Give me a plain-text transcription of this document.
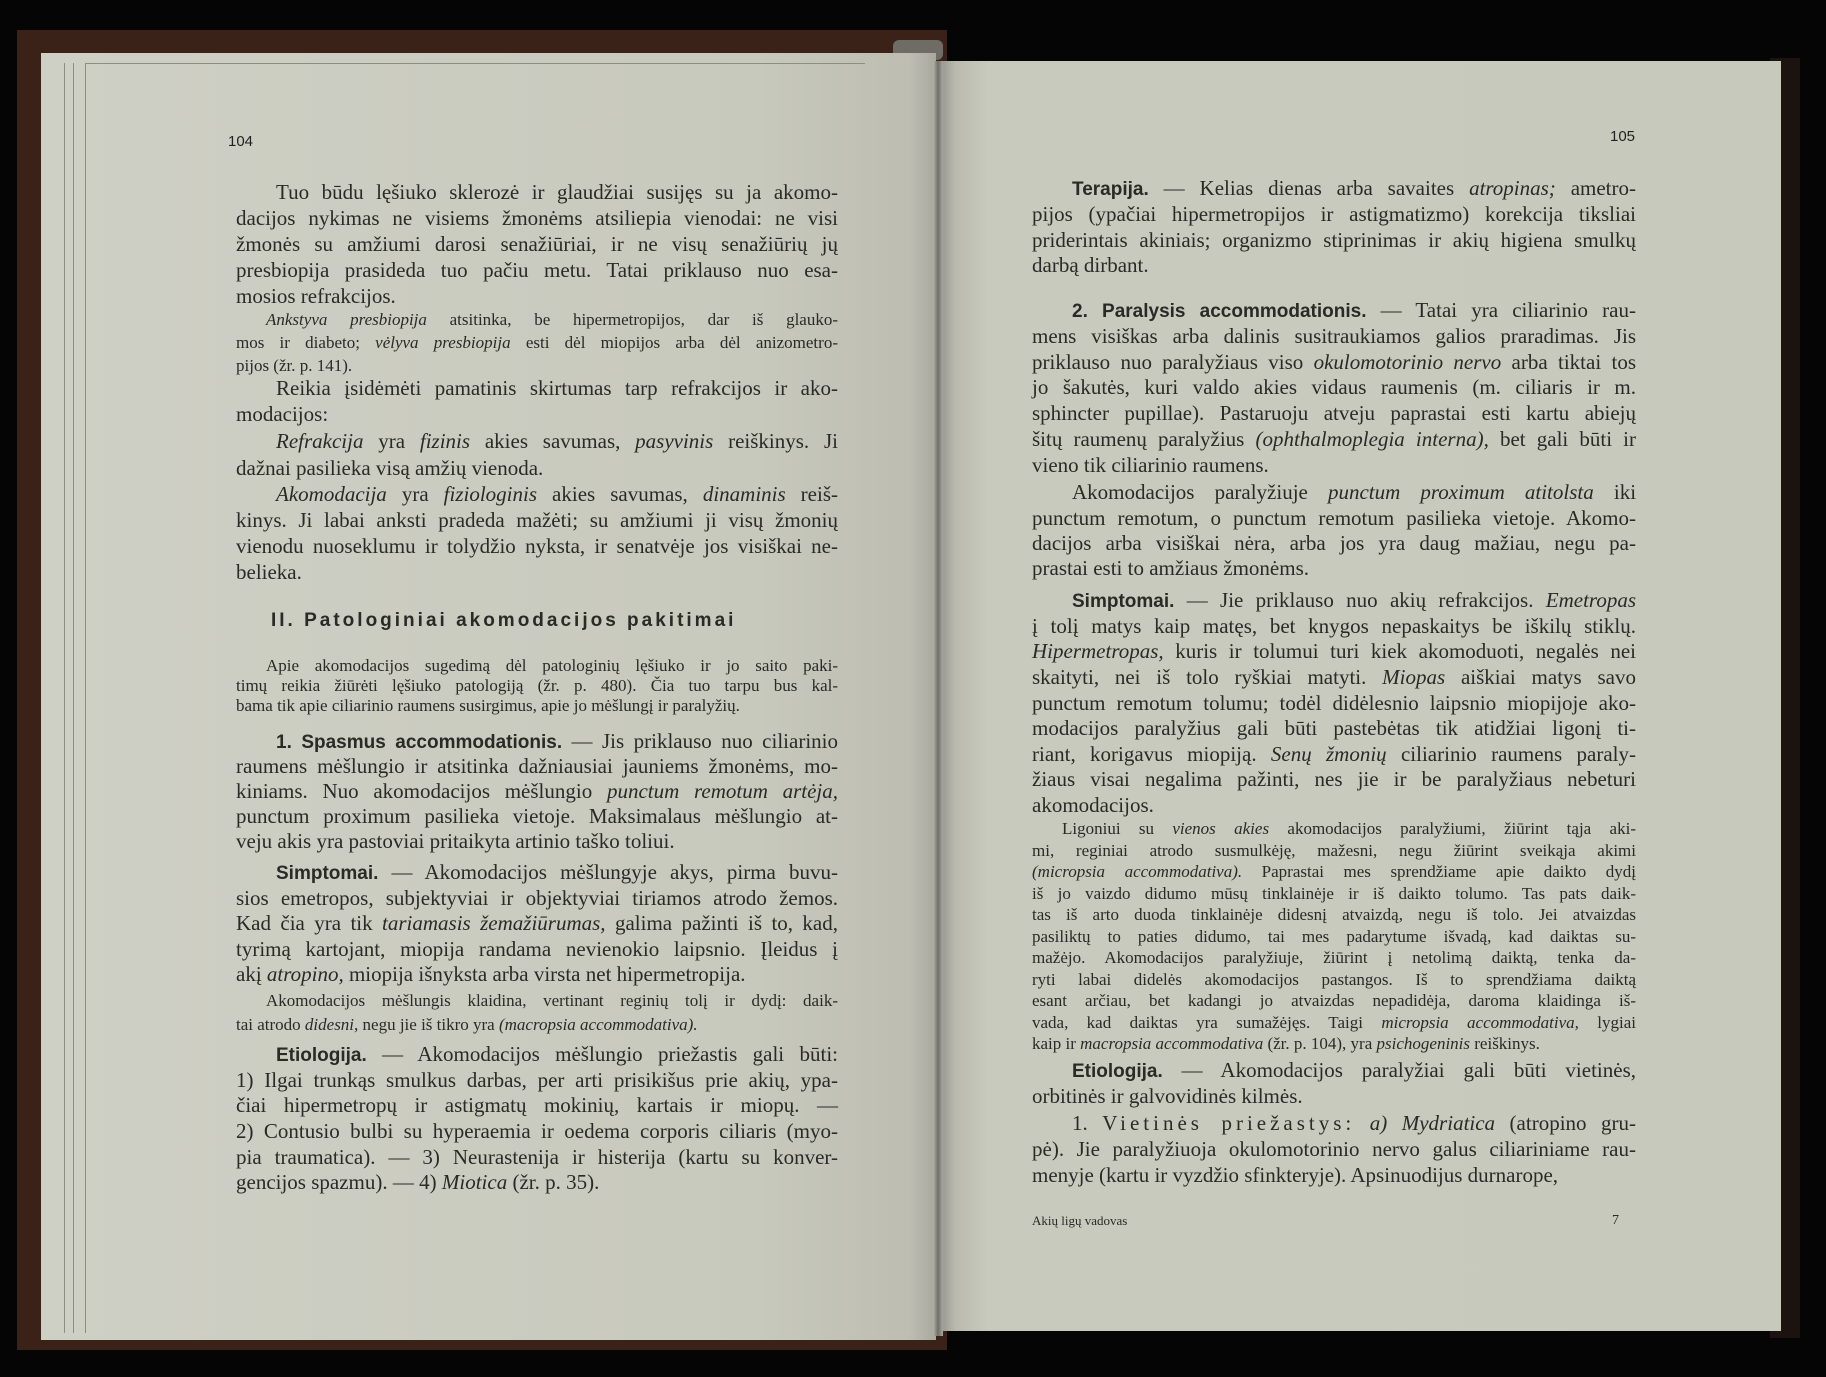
104	105
Tuo būdu lęšiuko sklerozė ir glaudžiai susijęs su ja akomo-
dacijos nykimas ne visiems žmonėms atsiliepia vienodai: ne visi
žmonės su amžiumi darosi senažiūriai, ir ne visų senažiūrių jų
presbiopija prasideda tuo pačiu metu. Tatai priklauso nuo esa-
mosios refrakcijos.
Ankstyva presbiopija atsitinka, be hipermetropijos, dar iš glauko-
mos ir diabeto; vėlyva presbiopija esti dėl miopijos arba dėl anizometro-
pijos (žr. p. 141).
Reikia įsidėmėti pamatinis skirtumas tarp refrakcijos ir ako-
modacijos:
Refrakcija yra fizinis akies savumas, pasyvinis reiškinys. Ji
dažnai pasilieka visą amžių vienoda.
Akomodacija yra fiziologinis akies savumas, dinaminis reiš-
kinys. Ji labai anksti pradeda mažėti; su amžiumi ji visų žmonių
vienodu nuoseklumu ir tolydžio nyksta, ir senatvėje jos visiškai ne-
belieka.
II. Patologiniai akomodacijos pakitimai
Apie akomodacijos sugedimą dėl patologinių lęšiuko ir jo saito paki-
timų reikia žiūrėti lęšiuko patologiją (žr. p. 480). Čia tuo tarpu bus kal-
bama tik apie ciliarinio raumens susirgimus, apie jo mėšlungį ir paralyžių.
1. Spasmus accommodationis. — Jis priklauso nuo ciliarinio
raumens mėšlungio ir atsitinka dažniausiai jauniems žmonėms, mo-
kiniams. Nuo akomodacijos mėšlungio punctum remotum artėja,
punctum proximum pasilieka vietoje. Maksimalaus mėšlungio at-
veju akis yra pastoviai pritaikyta artinio taško toliui.
Simptomai. — Akomodacijos mėšlungyje akys, pirma buvu-
sios emetropos, subjektyviai ir objektyviai tiriamos atrodo žemos.
Kad čia yra tik tariamasis žemažiūrumas, galima pažinti iš to, kad,
tyrimą kartojant, miopija randama nevienokio laipsnio. Įleidus į
akį atropino, miopija išnyksta arba virsta net hipermetropija.
Akomodacijos mėšlungis klaidina, vertinant reginių tolį ir dydį: daik-
tai atrodo didesni, negu jie iš tikro yra (macropsia accommodativa).
Etiologija. — Akomodacijos mėšlungio priežastis gali būti:
1) Ilgai trunkąs smulkus darbas, per arti prisikišus prie akių, ypa-
čiai hipermetropų ir astigmatų mokinių, kartais ir miopų. —
2) Contusio bulbi su hyperaemia ir oedema corporis ciliaris (myo-
pia traumatica). — 3) Neurastenija ir histerija (kartu su konver-
gencijos spazmu). — 4) Miotica (žr. p. 35).
Terapija. — Kelias dienas arba savaites atropinas; ametro-
pijos (ypačiai hipermetropijos ir astigmatizmo) korekcija tiksliai
priderintais akiniais; organizmo stiprinimas ir akių higiena smulkų
darbą dirbant.
2. Paralysis accommodationis. — Tatai yra ciliarinio rau-
mens visiškas arba dalinis susitraukiamos galios praradimas. Jis
priklauso nuo paralyžiaus viso okulomotorinio nervo arba tiktai tos
jo šakutės, kuri valdo akies vidaus raumenis (m. ciliaris ir m.
sphincter pupillae). Pastaruoju atveju paprastai esti kartu abiejų
šitų raumenų paralyžius (ophthalmoplegia interna), bet gali būti ir
vieno tik ciliarinio raumens.
Akomodacijos paralyžiuje punctum proximum atitolsta iki
punctum remotum, o punctum remotum pasilieka vietoje. Akomo-
dacijos arba visiškai nėra, arba jos yra daug mažiau, negu pa-
prastai esti to amžiaus žmonėms.
Simptomai. — Jie priklauso nuo akių refrakcijos. Emetropas
į tolį matys kaip matęs, bet knygos nepaskaitys be iškilų stiklų.
Hipermetropas, kuris ir tolumui turi kiek akomoduoti, negalės nei
skaityti, nei iš tolo ryškiai matyti. Miopas aiškiai matys savo
punctum remotum tolumu; todėl didėlesnio laipsnio miopijoje ako-
modacijos paralyžius gali būti pastebėtas tik atidžiai ligonį ti-
riant, korigavus miopiją. Senų žmonių ciliarinio raumens paraly-
žiaus visai negalima pažinti, nes jie ir be paralyžiaus nebeturi
akomodacijos.
Ligoniui su vienos akies akomodacijos paralyžiumi, žiūrint tąja aki-
mi, reginiai atrodo susmulkėję, mažesni, negu žiūrint sveikąja akimi
(micropsia accommodativa). Paprastai mes sprendžiame apie daikto dydį
iš jo vaizdo didumo mūsų tinklainėje ir iš daikto tolumo. Tas pats daik-
tas iš arto duoda tinklainėje didesnį atvaizdą, negu iš tolo. Jei atvaizdas
pasiliktų to paties didumo, tai mes padarytume išvadą, kad daiktas su-
mažėjo. Akomodacijos paralyžiuje, žiūrint į netolimą daiktą, tenka da-
ryti labai didelės akomodacijos pastangos. Iš to sprendžiama daiktą
esant arčiau, bet kadangi jo atvaizdas nepadidėja, daroma klaidinga iš-
vada, kad daiktas yra sumažėjęs. Taigi micropsia accommodativa, lygiai
kaip ir macropsia accommodativa (žr. p. 104), yra psichogeninis reiškinys.
Etiologija. — Akomodacijos paralyžiai gali būti vietinės,
orbitinės ir galvovidinės kilmės.
1. Vietinės priežastys: a) Mydriatica (atropino gru-
pė). Jie paralyžiuoja okulomotorinio nervo galus ciliariniame rau-
menyje (kartu ir vyzdžio sfinkteryje). Apsinuodijus durnarope,
Akių ligų vadovas	7
